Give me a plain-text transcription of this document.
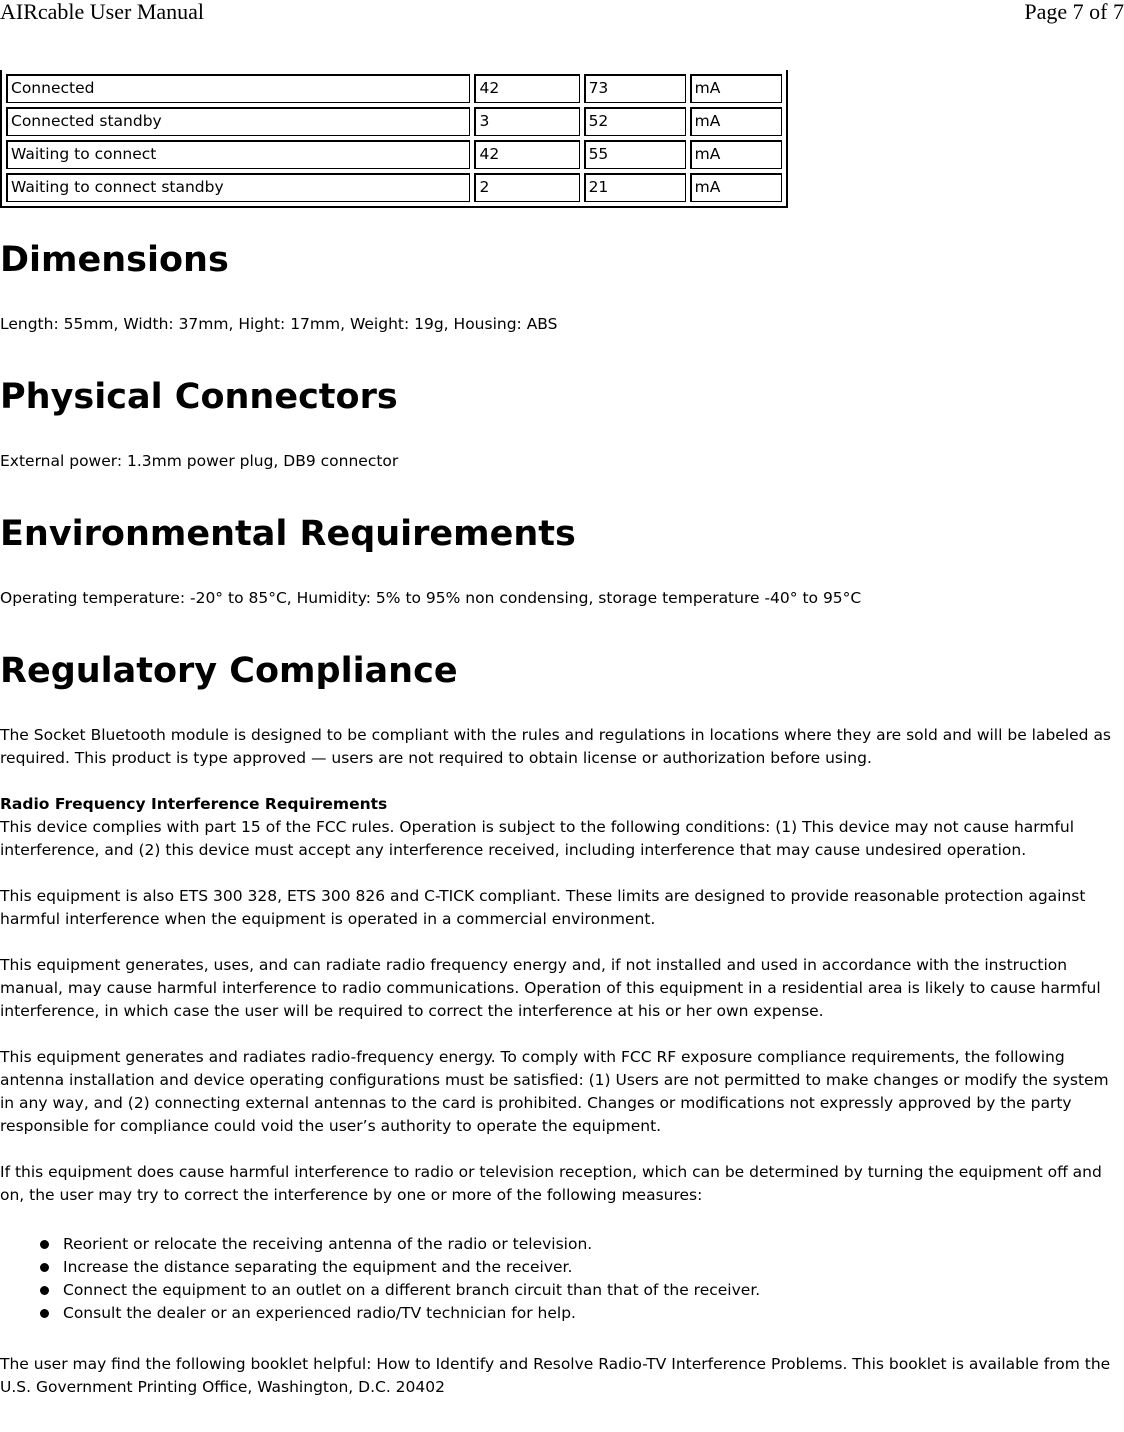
AIRcable User Manual	Page 7 of 7
Connected	42	73	mA
Connected standby	3	52	mA
Waiting to connect	42	55	mA
Waiting to connect standby	2	21	mA
Dimensions

Length: 55mm, Width: 37mm, Hight: 17mm, Weight: 19g, Housing: ABS

Physical Connectors

External power: 1.3mm power plug, DB9 connector

Environmental Requirements

Operating temperature: -20° to 85°C, Humidity: 5% to 95% non condensing, storage temperature -40° to 95°C

Regulatory Compliance

The Socket Bluetooth module is designed to be compliant with the rules and regulations in locations where they are sold and will be labeled as required. This product is type approved — users are not required to obtain license or authorization before using.

Radio Frequency Interference Requirements

This device complies with part 15 of the FCC rules. Operation is subject to the following conditions: (1) This device may not cause harmful interference, and (2) this device must accept any interference received, including interference that may cause undesired operation.

This equipment is also ETS 300 328, ETS 300 826 and C-TICK compliant. These limits are designed to provide reasonable protection against harmful interference when the equipment is operated in a commercial environment.

This equipment generates, uses, and can radiate radio frequency energy and, if not installed and used in accordance with the instruction manual, may cause harmful interference to radio communications. Operation of this equipment in a residential area is likely to cause harmful interference, in which case the user will be required to correct the interference at his or her own expense.

This equipment generates and radiates radio-frequency energy. To comply with FCC RF exposure compliance requirements, the following antenna installation and device operating configurations must be satisfied: (1) Users are not permitted to make changes or modify the system in any way, and (2) connecting external antennas to the card is prohibited. Changes or modifications not expressly approved by the party responsible for compliance could void the user’s authority to operate the equipment.

If this equipment does cause harmful interference to radio or television reception, which can be determined by turning the equipment off and on, the user may try to correct the interference by one or more of the following measures:

Reorient or relocate the receiving antenna of the radio or television.
Increase the distance separating the equipment and the receiver.
Connect the equipment to an outlet on a different branch circuit than that of the receiver.
Consult the dealer or an experienced radio/TV technician for help.

The user may find the following booklet helpful: How to Identify and Resolve Radio-TV Interference Problems. This booklet is available from the U.S. Government Printing Office, Washington, D.C. 20402
